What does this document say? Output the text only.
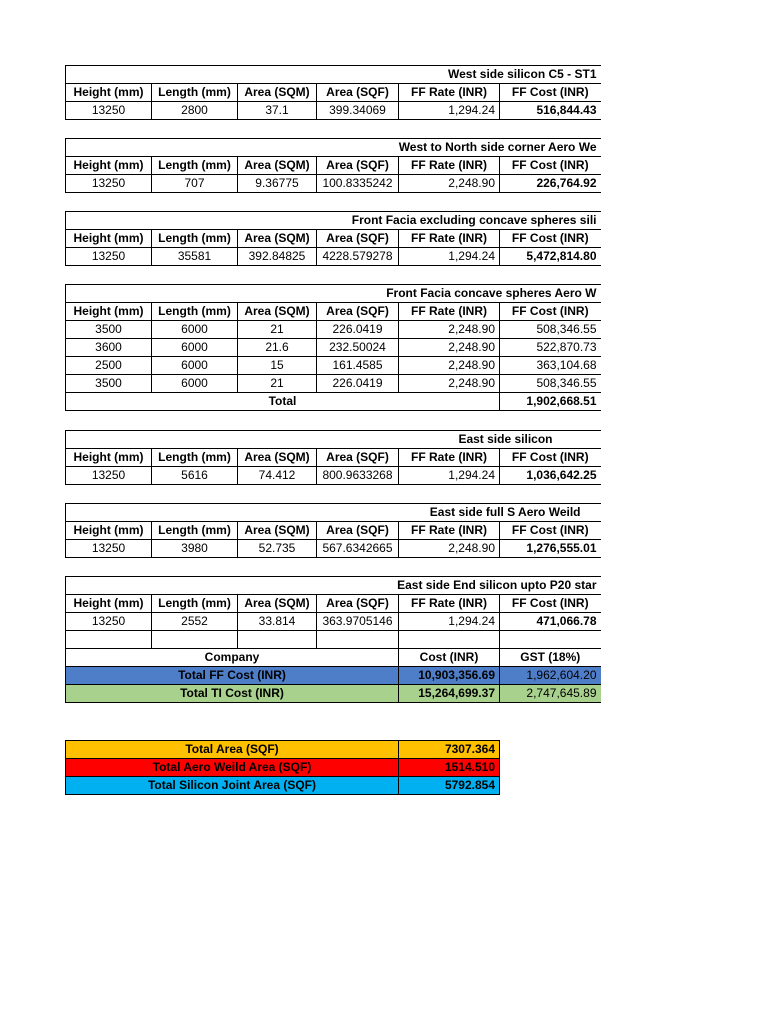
West side silicon C5 - ST1					
Height (mm)	Length (mm)	Area (SQM)	Area (SQF)	FF Rate (INR)	FF Cost (INR)
13250	2800	37.1	399.34069	1,294.24	516,844.43
West to North side corner Aero We					
Height (mm)	Length (mm)	Area (SQM)	Area (SQF)	FF Rate (INR)	FF Cost (INR)
13250	707	9.36775	100.8335242	2,248.90	226,764.92
Front Facia excluding concave spheres sili					
Height (mm)	Length (mm)	Area (SQM)	Area (SQF)	FF Rate (INR)	FF Cost (INR)
13250	35581	392.84825	4228.579278	1,294.24	5,472,814.80
Front Facia concave spheres Aero W					
Height (mm)	Length (mm)	Area (SQM)	Area (SQF)	FF Rate (INR)	FF Cost (INR)
3500	6000	21	226.0419	2,248.90	508,346.55
3600	6000	21.6	232.50024	2,248.90	522,870.73
2500	6000	15	161.4585	2,248.90	363,104.68
3500	6000	21	226.0419	2,248.90	508,346.55
Total					1,902,668.51
East side silicon					
Height (mm)	Length (mm)	Area (SQM)	Area (SQF)	FF Rate (INR)	FF Cost (INR)
13250	5616	74.412	800.9633268	1,294.24	1,036,642.25
East side full S Aero Weild					
Height (mm)	Length (mm)	Area (SQM)	Area (SQF)	FF Rate (INR)	FF Cost (INR)
13250	3980	52.735	567.6342665	2,248.90	1,276,555.01
East side End silicon upto P20 star					
Height (mm)	Length (mm)	Area (SQM)	Area (SQF)	FF Rate (INR)	FF Cost (INR)
13250	2552	33.814	363.9705146	1,294.24	471,066.78

Company				Cost (INR)	GST (18%)
Total FF Cost (INR)				10,903,356.69	1,962,604.20
Total TI Cost (INR)				15,264,699.37	2,747,645.89
Total Area (SQF)	7307.364
Total Aero Weild Area (SQF)	1514.510
Total Silicon Joint Area (SQF)	5792.854
